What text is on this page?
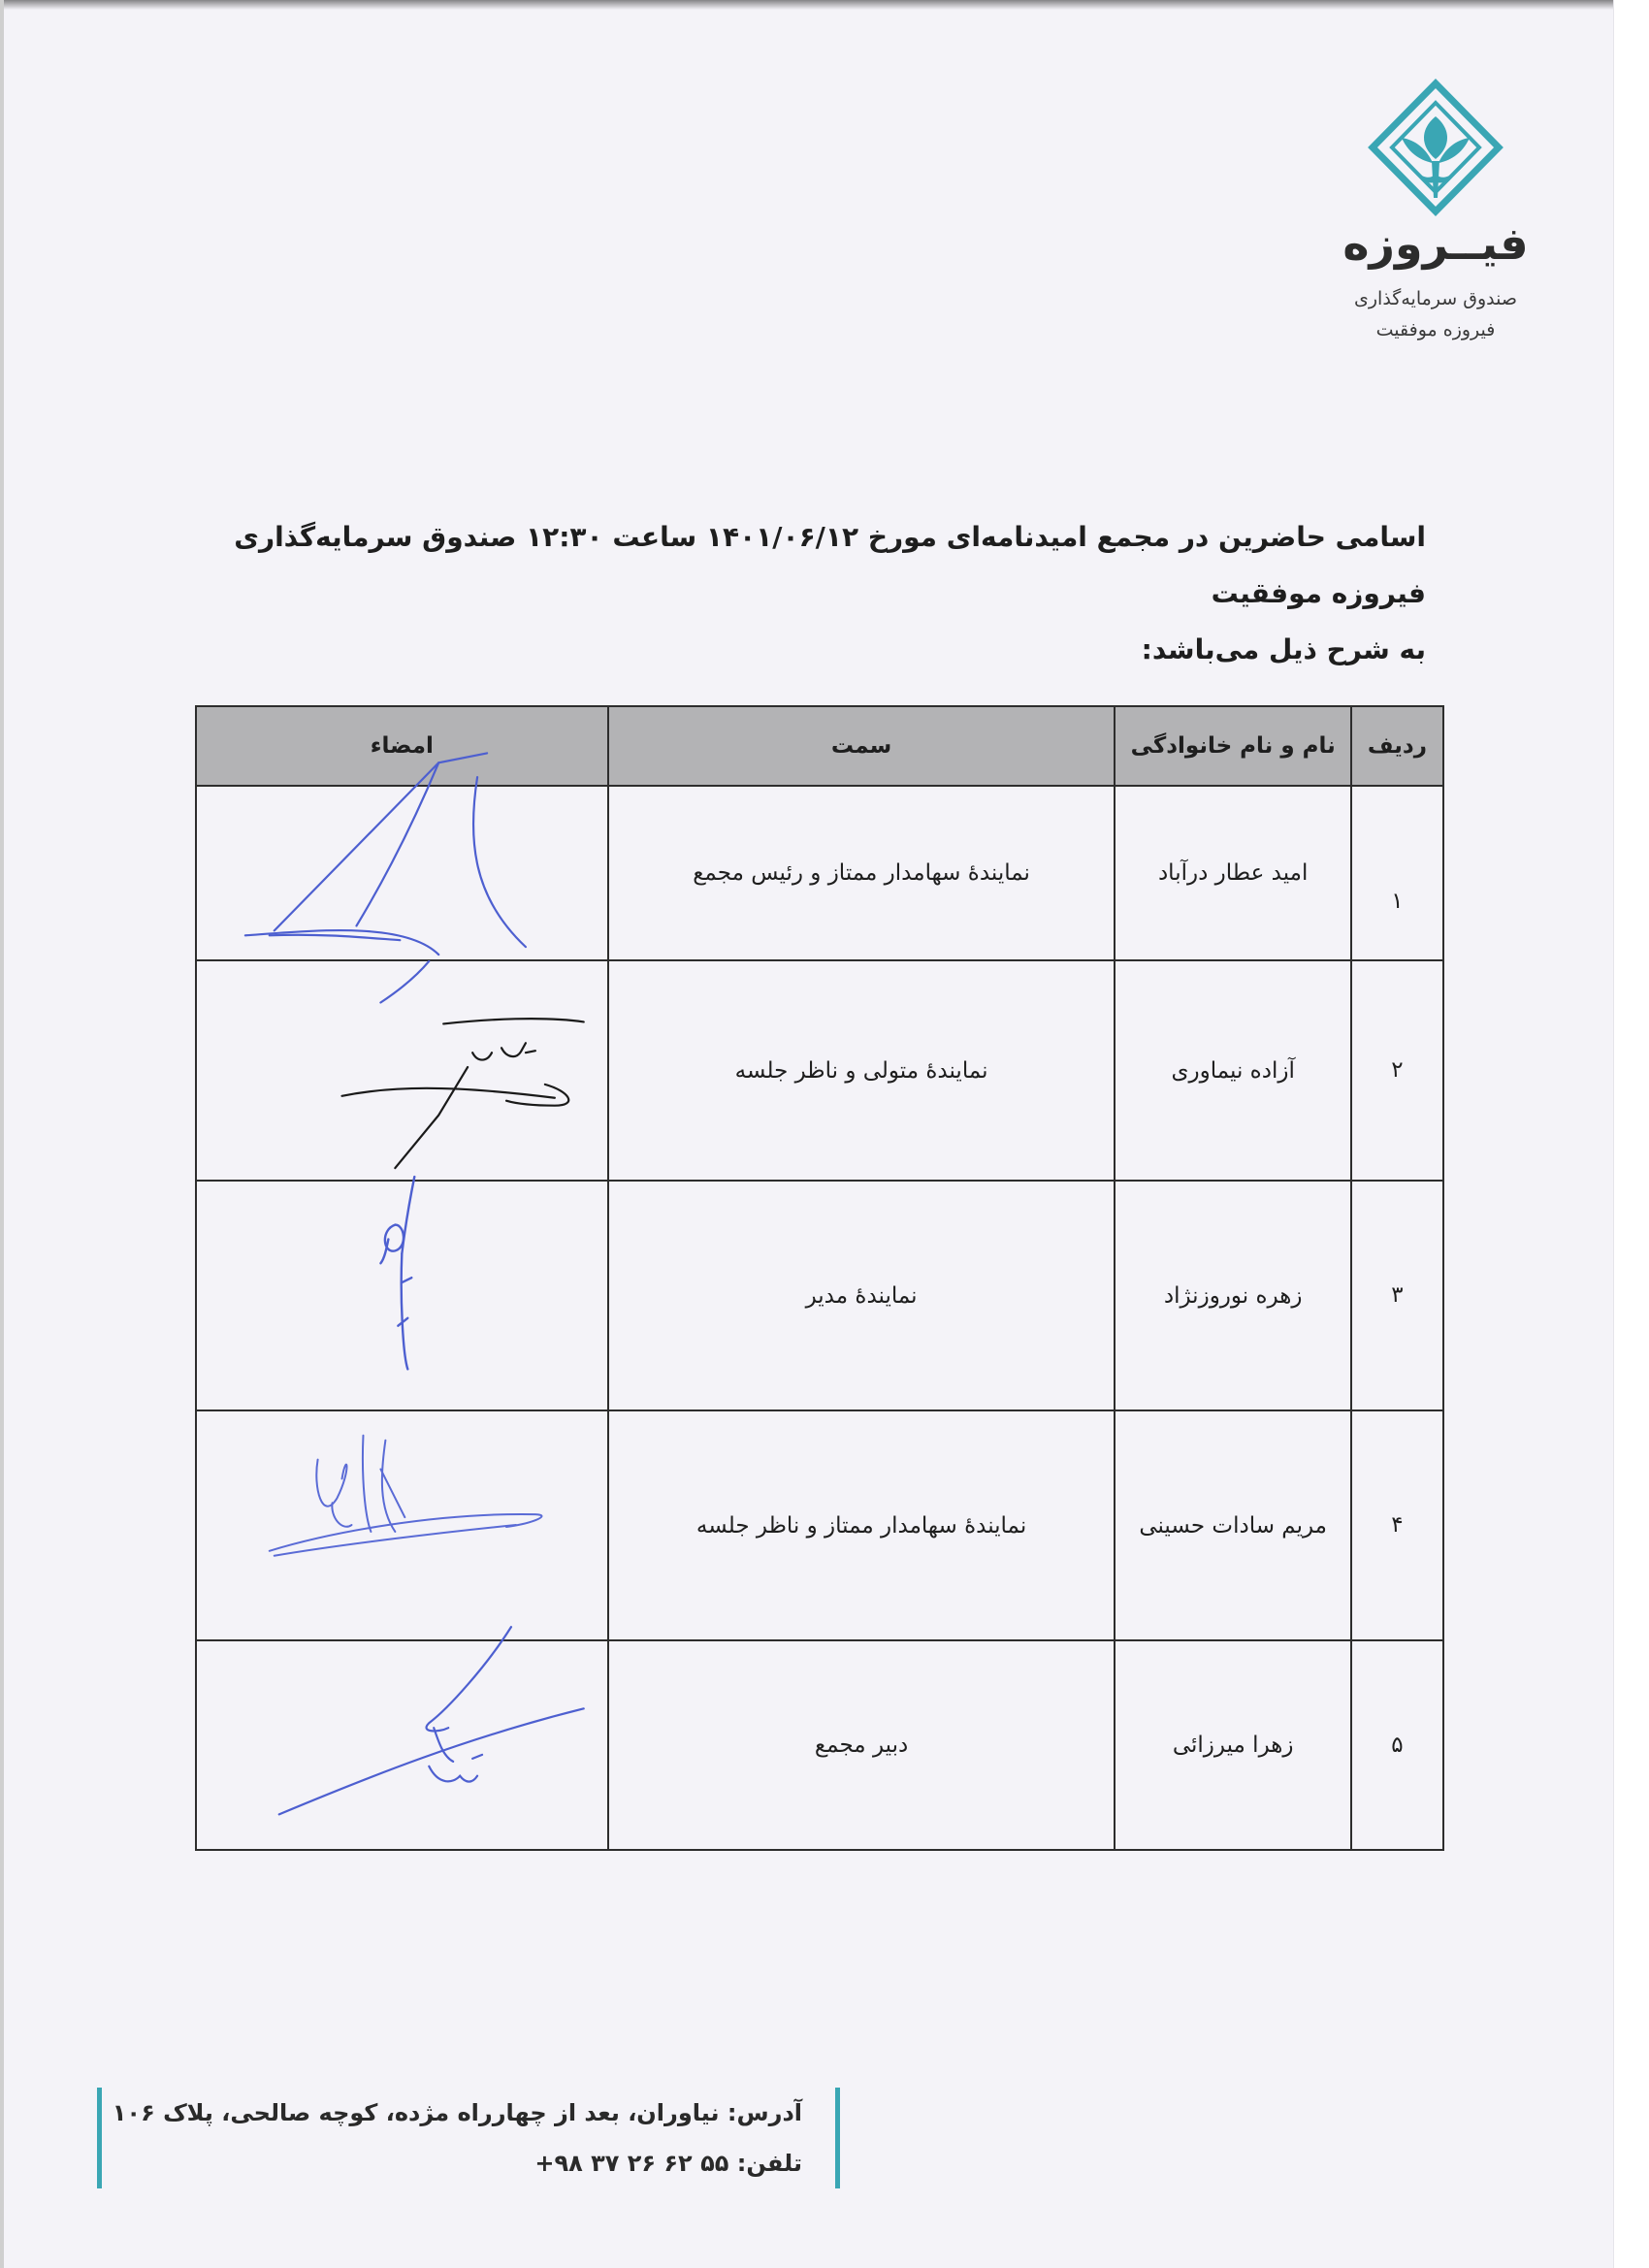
فیــروزه
صندوق سرمایه‌گذاری
فیروزه موفقیت
اسامی حاضرین در مجمع امیدنامه‌ای مورخ ۱۴۰۱/۰۶/۱۲ ساعت ۱۲:۳۰ صندوق سرمایه‌گذاری فیروزه موفقیت
به شرح ذیل می‌باشد:
ردیف	نام و نام خانوادگی	سمت	امضاء
۱	امید عطار درآباد	نمایندهٔ سهامدار ممتاز و رئیس مجمع	

۲	آزاده نیماوری	نمایندهٔ متولی و ناظر جلسه	

۳	زهره نوروزنژاد	نمایندهٔ مدیر	

۴	مریم سادات حسینی	نمایندهٔ سهامدار ممتاز و ناظر جلسه	

۵	زهرا میرزائی	دبیر مجمع	
آدرس: نیاوران، بعد از چهارراه مژده، کوچه صالحی، پلاک ۱۰۶
تلفن: ۵۵ ۶۲ ۲۶ ۳۷ ۹۸+
